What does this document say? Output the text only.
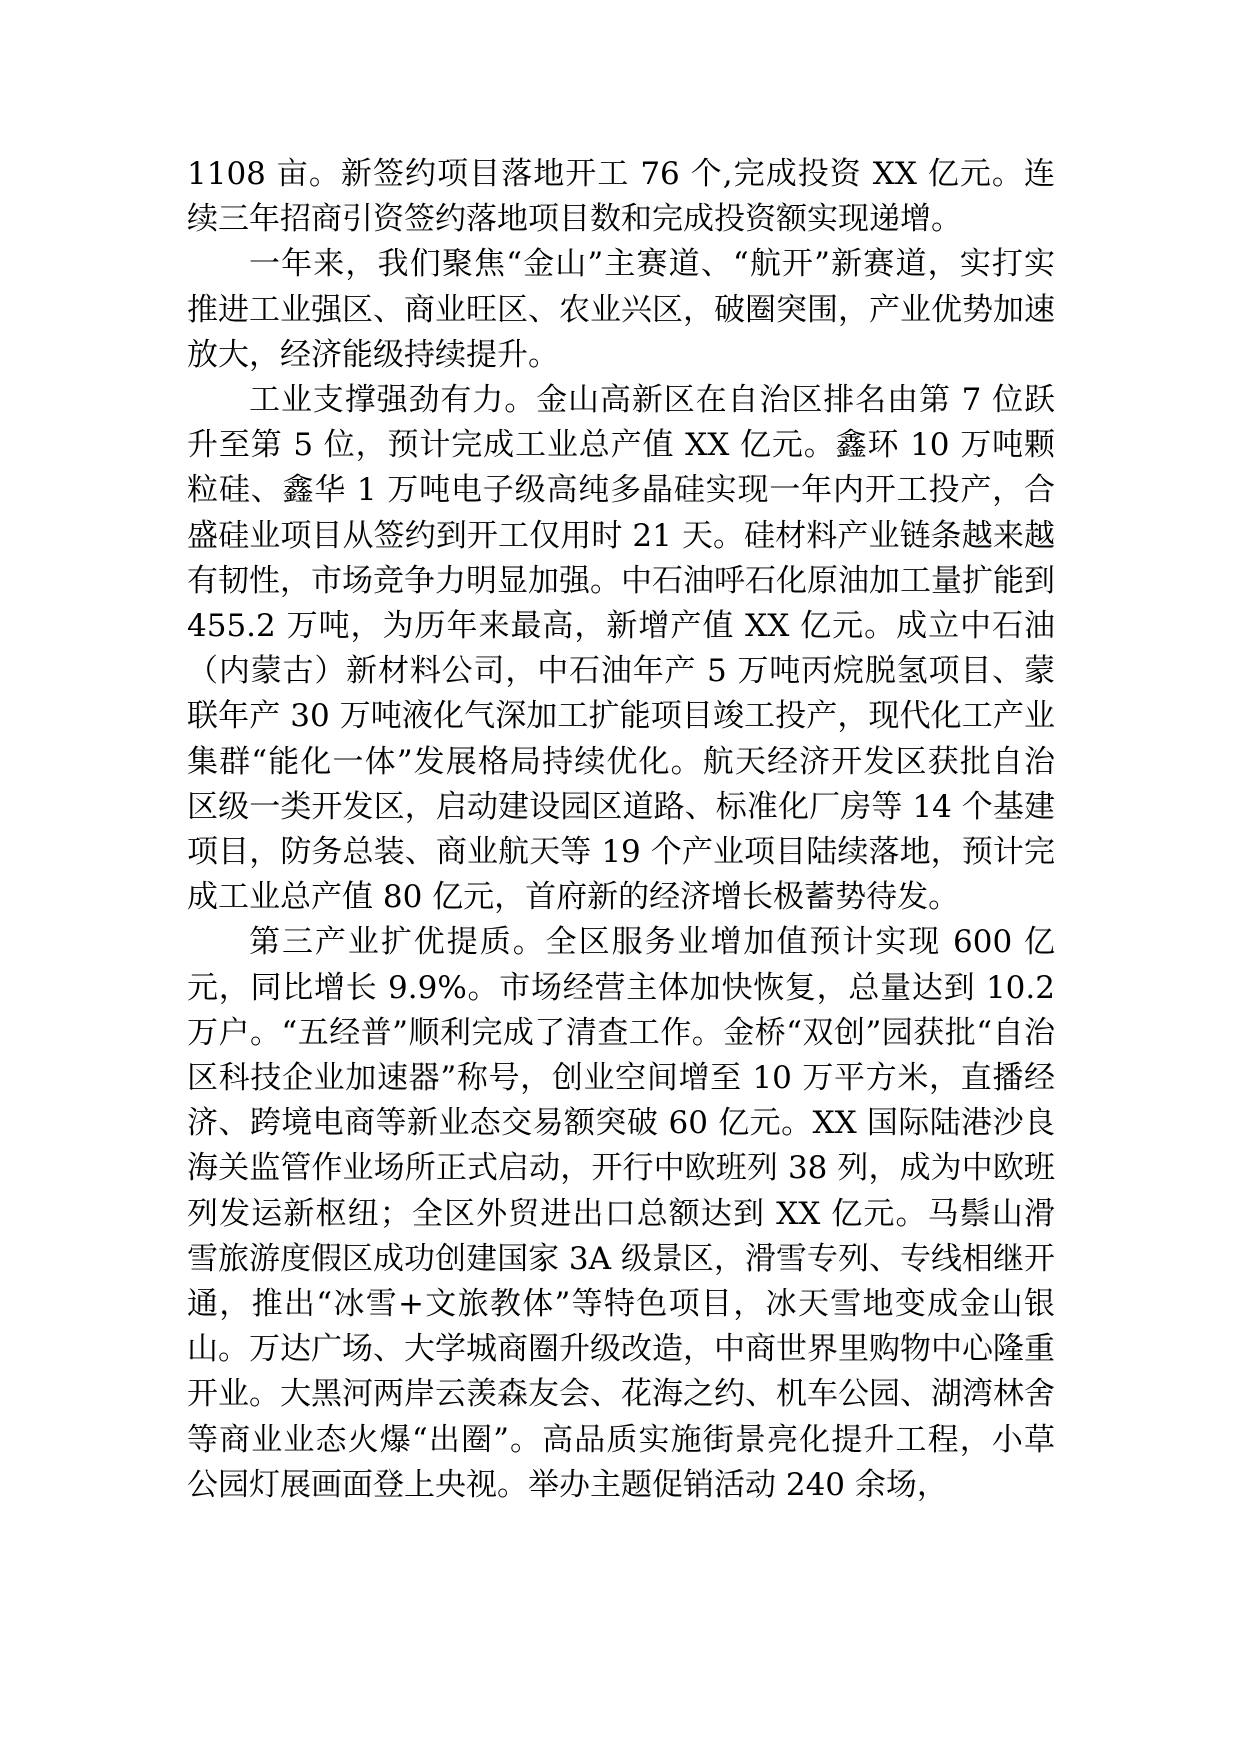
1108 亩。新签约项目落地开工 76 个,完成投资 XX 亿元。连续三年招商引资签约落地项目数和完成投资额实现递增。

一年来，我们聚焦“金山”主赛道、“航开”新赛道，实打实推进工业强区、商业旺区、农业兴区，破圈突围，产业优势加速放大，经济能级持续提升。

工业支撑强劲有力。金山高新区在自治区排名由第 7 位跃升至第 5 位，预计完成工业总产值 XX 亿元。鑫环 10 万吨颗粒硅、鑫华 1 万吨电子级高纯多晶硅实现一年内开工投产，合盛硅业项目从签约到开工仅用时 21 天。硅材料产业链条越来越有韧性，市场竞争力明显加强。中石油呼石化原油加工量扩能到 455.2 万吨，为历年来最高，新增产值 XX 亿元。成立中石油（内蒙古）新材料公司，中石油年产 5 万吨丙烷脱氢项目、蒙联年产 30 万吨液化气深加工扩能项目竣工投产，现代化工产业集群“能化一体”发展格局持续优化。航天经济开发区获批自治区级一类开发区，启动建设园区道路、标准化厂房等 14 个基建项目，防务总装、商业航天等 19 个产业项目陆续落地，预计完成工业总产值 80 亿元，首府新的经济增长极蓄势待发。

第三产业扩优提质。全区服务业增加值预计实现 600 亿元，同比增长 9.9%。市场经营主体加快恢复，总量达到 10.2 万户。“五经普”顺利完成了清查工作。金桥“双创”园获批“自治区科技企业加速器”称号，创业空间增至 10 万平方米，直播经济、跨境电商等新业态交易额突破 60 亿元。XX 国际陆港沙良海关监管作业场所正式启动，开行中欧班列 38 列，成为中欧班列发运新枢纽；全区外贸进出口总额达到 XX 亿元。马鬃山滑雪旅游度假区成功创建国家 3A 级景区，滑雪专列、专线相继开通，推出“冰雪+文旅教体”等特色项目，冰天雪地变成金山银山。万达广场、大学城商圈升级改造，中商世界里购物中心隆重开业。大黑河两岸云羡森友会、花海之约、机车公园、湖湾林舍等商业业态火爆“出圈”。高品质实施街景亮化提升工程，小草公园灯展画面登上央视。举办主题促销活动 240 余场，
